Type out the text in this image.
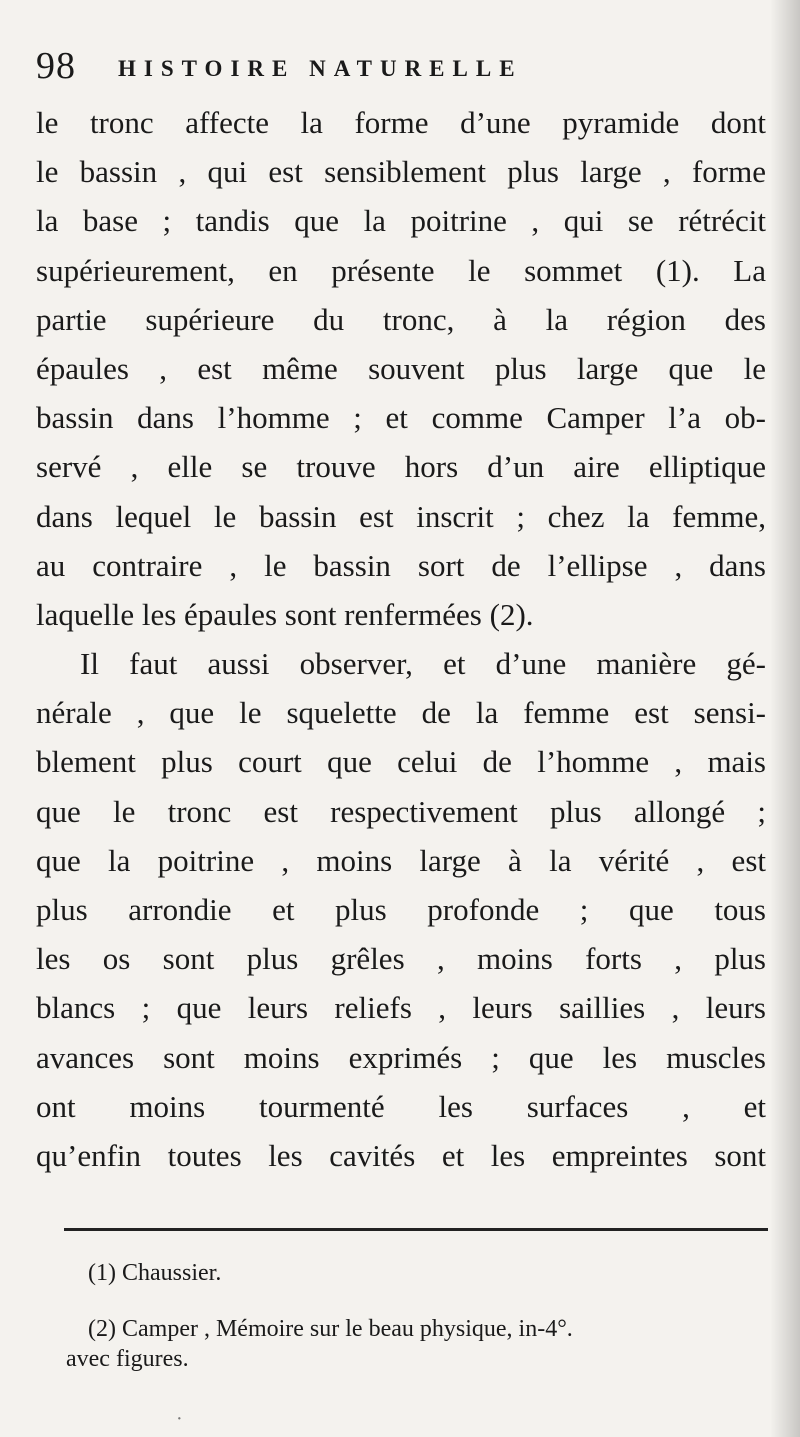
98 HISTOIRE NATURELLE
le tronc affecte la forme d’une pyramide dont
le bassin , qui est sensiblement plus large , forme
la base ; tandis que la poitrine , qui se rétrécit
supérieurement, en présente le sommet (1). La
partie supérieure du tronc, à la région des
épaules , est même souvent plus large que le
bassin dans l’homme ; et comme Camper l’a ob-
servé , elle se trouve hors d’un aire elliptique
dans lequel le bassin est inscrit ; chez la femme,
au contraire , le bassin sort de l’ellipse , dans
laquelle les épaules sont renfermées (2).
Il faut aussi observer, et d’une manière gé-
nérale , que le squelette de la femme est sensi-
blement plus court que celui de l’homme , mais
que le tronc est respectivement plus allongé ;
que la poitrine , moins large à la vérité , est
plus arrondie et plus profonde ; que tous
les os sont plus grêles , moins forts , plus
blancs ; que leurs reliefs , leurs saillies , leurs
avances sont moins exprimés ; que les muscles
ont moins tourmenté les surfaces , et
qu’enfin toutes les cavités et les empreintes sont
(1) Chaussier.
(2) Camper , Mémoire sur le beau physique, in-4°.
avec figures.
·
